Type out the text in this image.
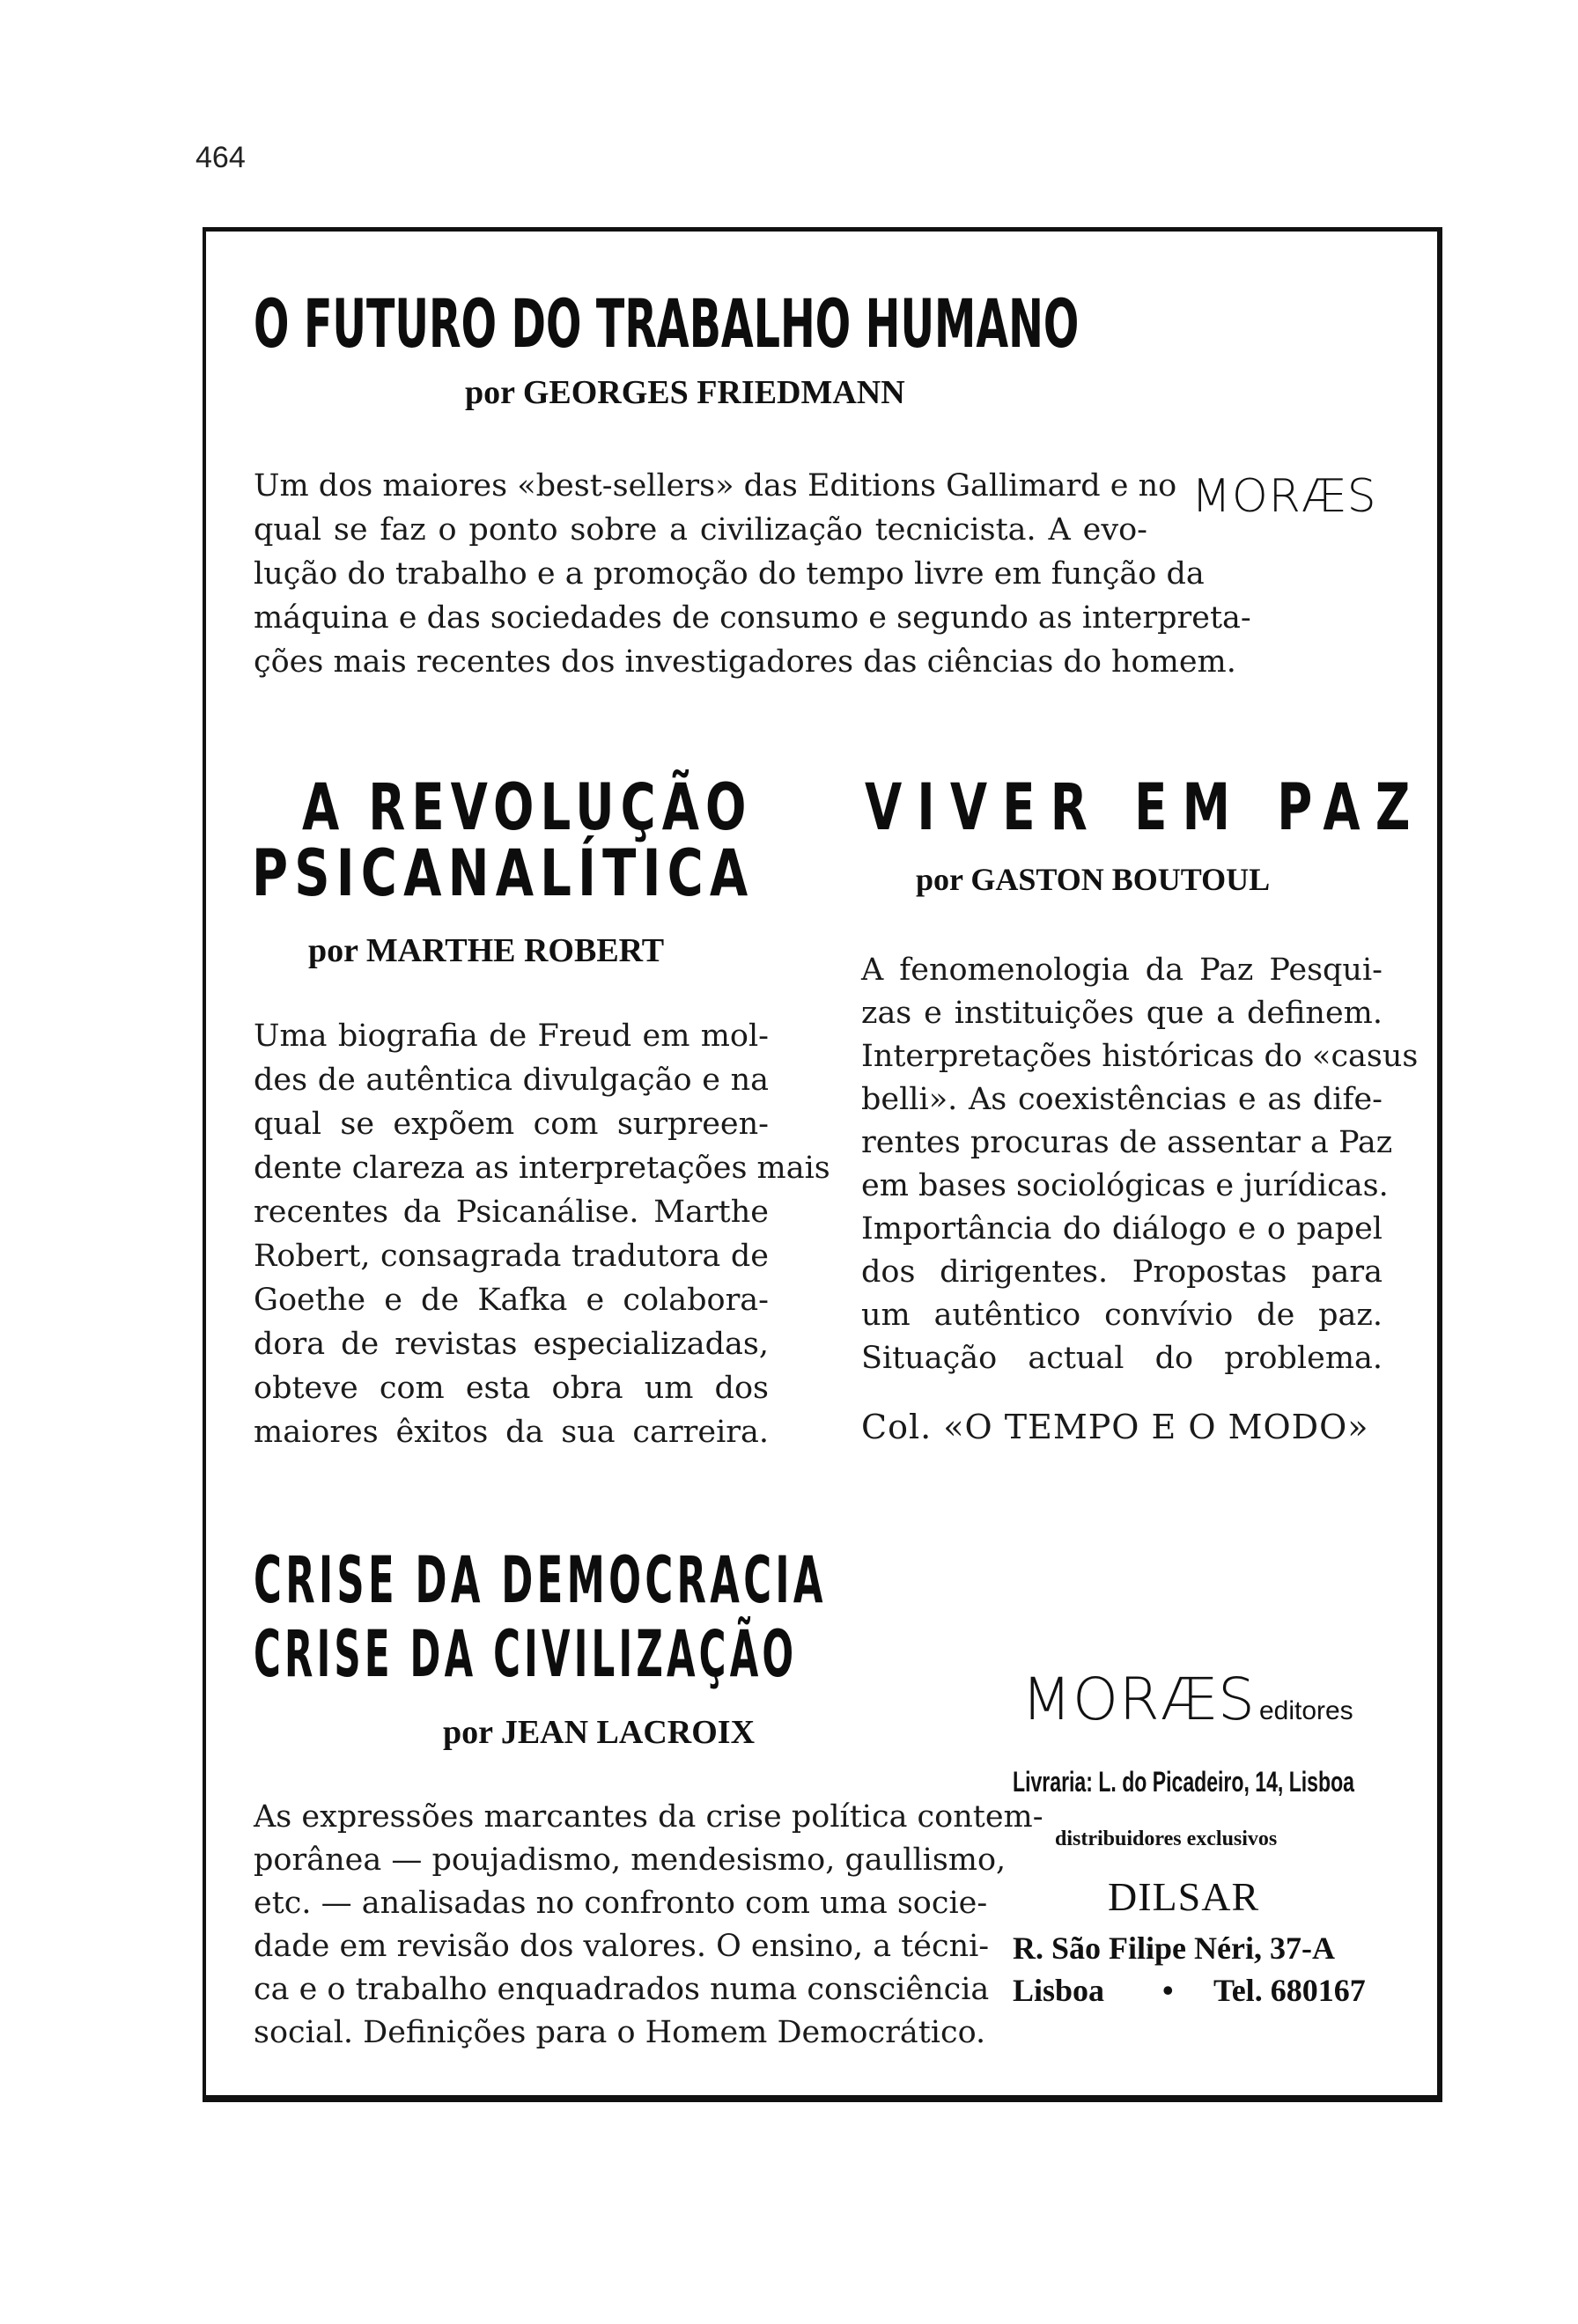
464
O FUTURO DO TRABALHO HUMANO
por GEORGES FRIEDMANN
Um dos maiores «best-sellers» das Editions Gallimard e no
qual se faz o ponto sobre a civilização tecnicista. A evo-
lução do trabalho e a promoção do tempo livre em função da
máquina e das sociedades de consumo e segundo as interpreta-
ções mais recentes dos investigadores das ciências do homem.
MORÆS
A REVOLUÇÃO
PSICANALÍTICA
por MARTHE ROBERT
Uma biografia de Freud em mol-
des de autêntica divulgação e na
qual se expõem com surpreen-
dente clareza as interpretações mais
recentes da Psicanálise. Marthe
Robert, consagrada tradutora de
Goethe e de Kafka e colabora-
dora de revistas especializadas,
obteve com esta obra um dos
maiores êxitos da sua carreira.
VIVER EM PAZ
por GASTON BOUTOUL
A fenomenologia da Paz Pesqui-
zas e instituições que a definem.
Interpretações históricas do «casus
belli». As coexistências e as dife-
rentes procuras de assentar a Paz
em bases sociológicas e jurídicas.
Importância do diálogo e o papel
dos dirigentes. Propostas para
um autêntico convívio de paz.
Situação actual do problema.
Col. «O TEMPO E O MODO»
CRISE DA DEMOCRACIA
CRISE DA CIVILIZAÇÃO
por JEAN LACROIX
As expressões marcantes da crise política contem-
porânea — poujadismo, mendesismo, gaullismo,
etc. — analisadas no confronto com uma socie-
dade em revisão dos valores. O ensino, a técni-
ca e o trabalho enquadrados numa consciência
social. Definições para o Homem Democrático.
MORÆS editores
Livraria: L. do Picadeiro, 14, Lisboa
distribuidores exclusivos
DILSAR
R. São Filipe Néri, 37-A
Lisboa • Tel. 680167
